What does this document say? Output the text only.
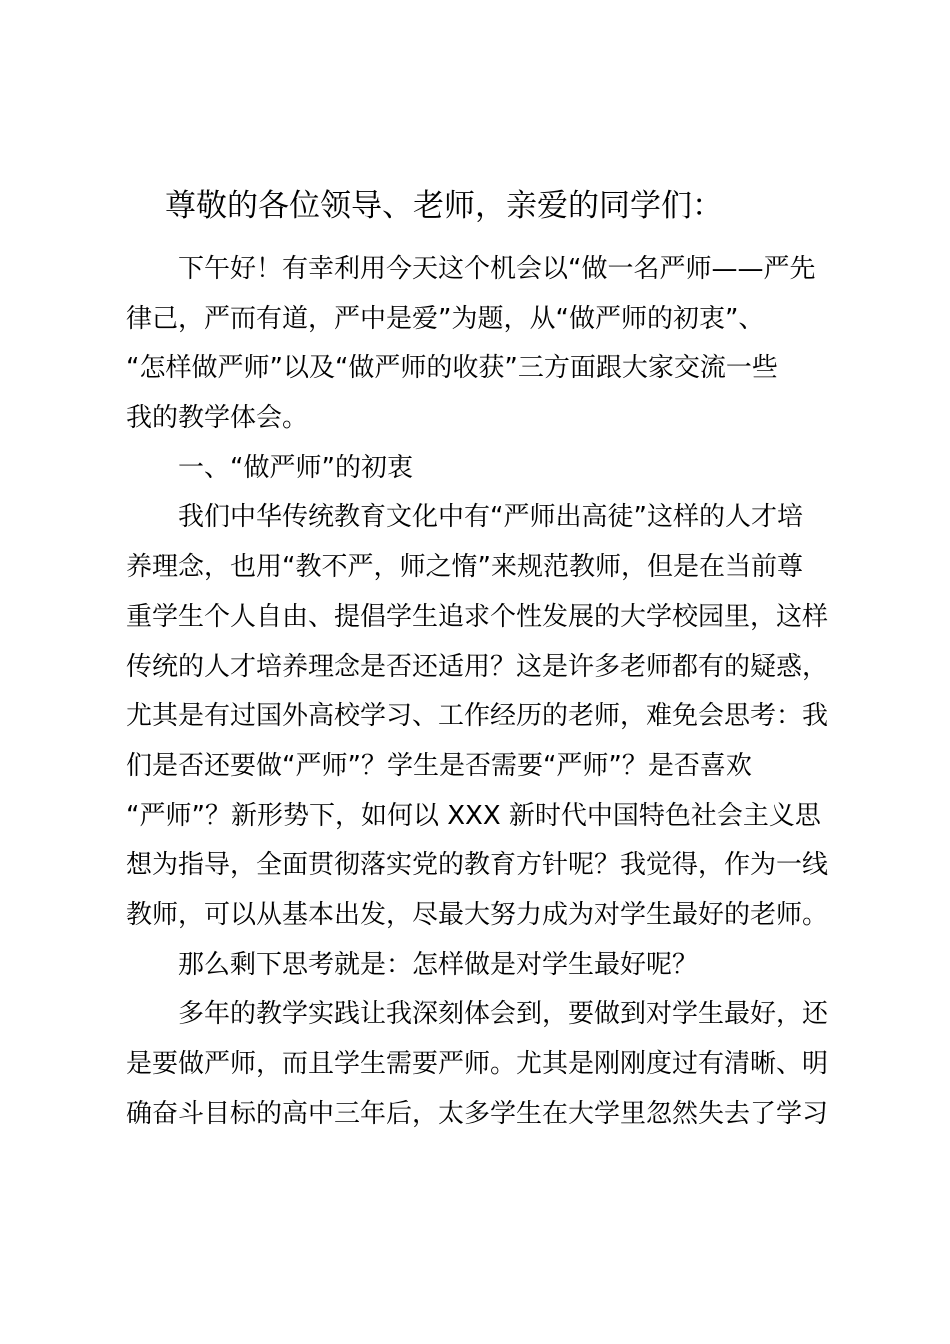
尊敬的各位领导、老师，亲爱的同学们：
下午好！有幸利用今天这个机会以“做一名严师——严先
律己，严而有道，严中是爱”为题，从“做严师的初衷”、
“怎样做严师”以及“做严师的收获”三方面跟大家交流一些
我的教学体会。
一、“做严师”的初衷
我们中华传统教育文化中有“严师出高徒”这样的人才培
养理念，也用“教不严，师之惰”来规范教师，但是在当前尊
重学生个人自由、提倡学生追求个性发展的大学校园里，这样
传统的人才培养理念是否还适用？这是许多老师都有的疑惑，
尤其是有过国外高校学习、工作经历的老师，难免会思考：我
们是否还要做“严师”？学生是否需要“严师”？是否喜欢
“严师”？新形势下，如何以 XXX 新时代中国特色社会主义思
想为指导，全面贯彻落实党的教育方针呢？我觉得，作为一线
教师，可以从基本出发，尽最大努力成为对学生最好的老师。
那么剩下思考就是：怎样做是对学生最好呢？
多年的教学实践让我深刻体会到，要做到对学生最好，还
是要做严师，而且学生需要严师。尤其是刚刚度过有清晰、明
确奋斗目标的高中三年后，太多学生在大学里忽然失去了学习
